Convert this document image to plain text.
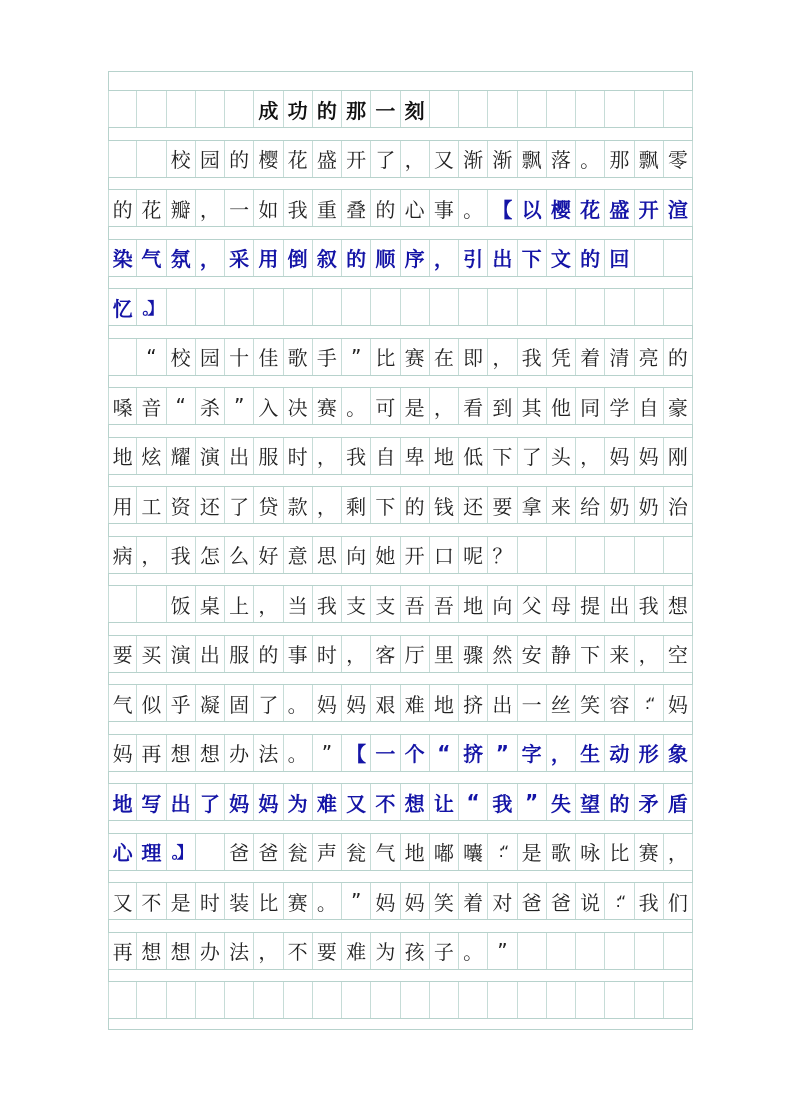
成 功 的 那 一 刻
校 园 的 樱 花 盛 开 了 ， 又 渐 渐 飘 落 。 那 飘 零
的 花 瓣 ， 一 如 我 重 叠 的 心 事 。 【 以 樱 花 盛 开 渲
染 气 氛 ， 采 用 倒 叙 的 顺 序 ， 引 出 下 文 的 回
忆 。】
“ 校 园 十 佳 歌 手 ” 比 赛 在 即 ， 我 凭 着 清 亮 的
嗓 音 “ 杀 ” 入 决 赛 。 可 是 ， 看 到 其 他 同 学 自 豪
地 炫 耀 演 出 服 时 ， 我 自 卑 地 低 下 了 头 ， 妈 妈 刚
用 工 资 还 了 贷 款 ， 剩 下 的 钱 还 要 拿 来 给 奶 奶 治
病 ， 我 怎 么 好 意 思 向 她 开 口 呢 ？
饭 桌 上 ， 当 我 支 支 吾 吾 地 向 父 母 提 出 我 想
要 买 演 出 服 的 事 时 ， 客 厅 里 骤 然 安 静 下 来 ， 空
气 似 乎 凝 固 了 。 妈 妈 艰 难 地 挤 出 一 丝 笑 容 :“ 妈
妈 再 想 想 办 法 。 ” 【 一 个 “ 挤 ” 字 ， 生 动 形 象
地 写 出 了 妈 妈 为 难 又 不 想 让 “ 我 ” 失 望 的 矛 盾
心 理 。】	爸 爸 瓮 声 瓮 气 地 嘟 囔 :“ 是 歌 咏 比 赛 ，
又 不 是 时 装 比 赛 。 ” 妈 妈 笑 着 对 爸 爸 说 :“ 我 们
再 想 想 办 法 ， 不 要 难 为 孩 子 。 ”
